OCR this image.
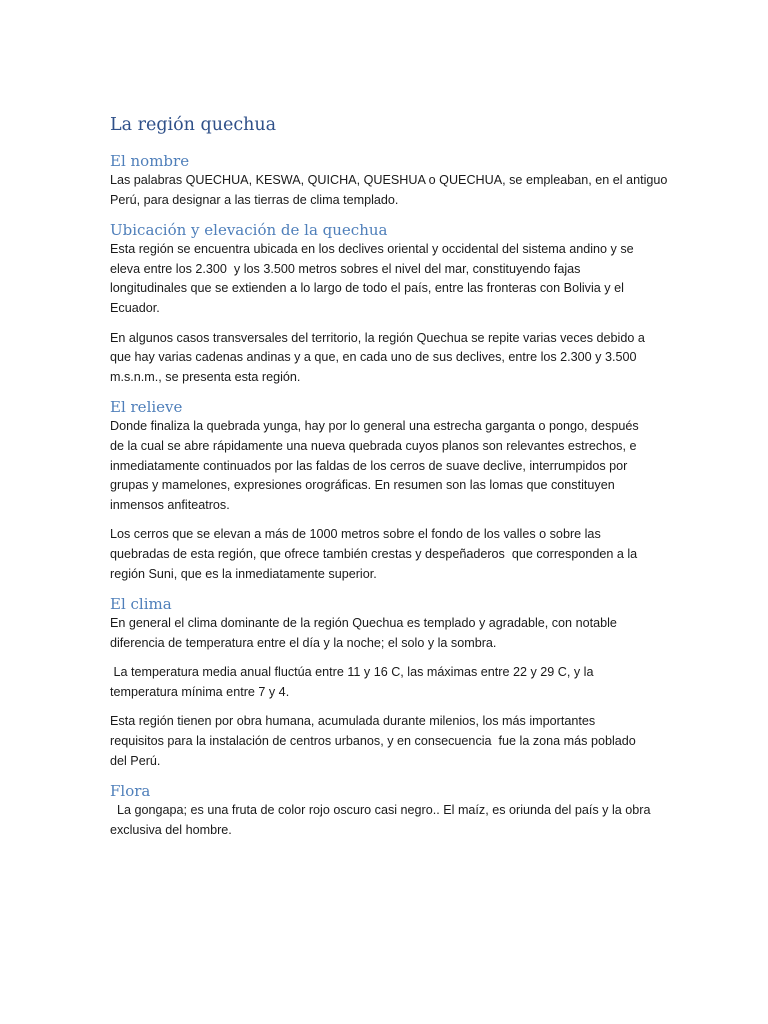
La región quechua
El nombre

Las palabras QUECHUA, KESWA, QUICHA, QUESHUA o QUECHUA, se empleaban, en el antiguo
Perú, para designar a las tierras de clima templado.

Ubicación y elevación de la quechua

Esta región se encuentra ubicada en los declives oriental y occidental del sistema andino y se
eleva entre los 2.300  y los 3.500 metros sobres el nivel del mar, constituyendo fajas
longitudinales que se extienden a lo largo de todo el país, entre las fronteras con Bolivia y el
Ecuador.

En algunos casos transversales del territorio, la región Quechua se repite varias veces debido a
que hay varias cadenas andinas y a que, en cada uno de sus declives, entre los 2.300 y 3.500
m.s.n.m., se presenta esta región.

El relieve

Donde finaliza la quebrada yunga, hay por lo general una estrecha garganta o pongo, después
de la cual se abre rápidamente una nueva quebrada cuyos planos son relevantes estrechos, e
inmediatamente continuados por las faldas de los cerros de suave declive, interrumpidos por
grupas y mamelones, expresiones orográficas. En resumen son las lomas que constituyen
inmensos anfiteatros.

Los cerros que se elevan a más de 1000 metros sobre el fondo de los valles o sobre las
quebradas de esta región, que ofrece también crestas y despeñaderos  que corresponden a la
región Suni, que es la inmediatamente superior.

El clima

En general el clima dominante de la región Quechua es templado y agradable, con notable
diferencia de temperatura entre el día y la noche; el solo y la sombra.

La temperatura media anual fluctúa entre 11 y 16 C, las máximas entre 22 y 29 C, y la
temperatura mínima entre 7 y 4.

Esta región tienen por obra humana, acumulada durante milenios, los más importantes
requisitos para la instalación de centros urbanos, y en consecuencia  fue la zona más poblado
del Perú.

Flora

La gongapa; es una fruta de color rojo oscuro casi negro.. El maíz, es oriunda del país y la obra
exclusiva del hombre.
